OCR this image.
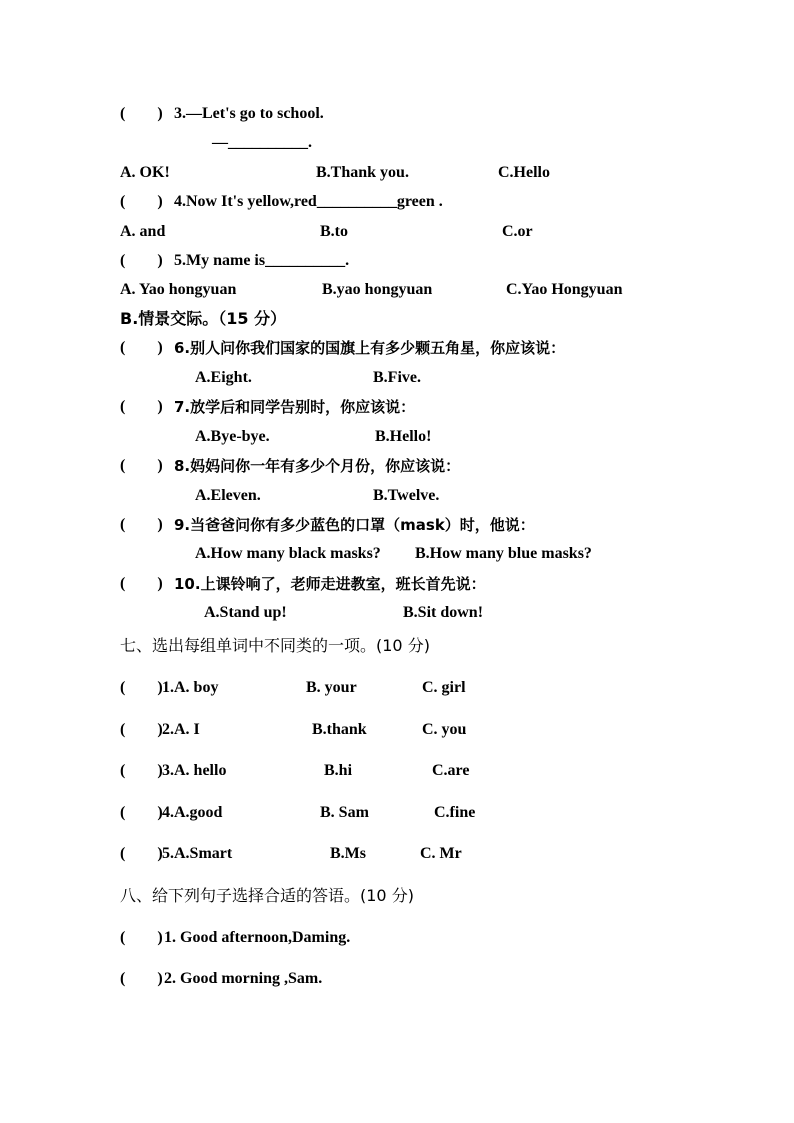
(        ) 3.—Let's go to school.
—__________.
A. OK!	B.Thank you.	C.Hello
(        ) 4.Now It's yellow,red__________green .
A. and	B.to	C.or
(        ) 5.My name is__________.
A. Yao hongyuan	B.yao hongyuan	C.Yao Hongyuan
B.情景交际。（15 分）
(        ) 6.别人问你我们国家的国旗上有多少颗五角星，你应该说：
A.Eight.	B.Five.
(        ) 7.放学后和同学告别时，你应该说：
A.Bye-bye.	B.Hello!
(        ) 8.妈妈问你一年有多少个月份，你应该说：
A.Eleven.	B.Twelve.
(        ) 9.当爸爸问你有多少蓝色的口罩（mask）时，他说：
A.How many black masks? B.How many blue masks?
(        ) 10.上课铃响了，老师走进教室，班长首先说：
A.Stand up!	B.Sit down!
七、选出每组单词中不同类的一项。(10 分)
(        ) 1.A. boy	B. your	C. girl
(        ) 2.A. I	B.thank	C. you
(        ) 3.A. hello	B.hi	C.are
(        ) 4.A.good	B. Sam	C.fine
(        ) 5.A.Smart	B.Ms	C. Mr
八、给下列句子选择合适的答语。(10 分)
(        ) 1. Good afternoon,Daming.
(        ) 2. Good morning ,Sam.
